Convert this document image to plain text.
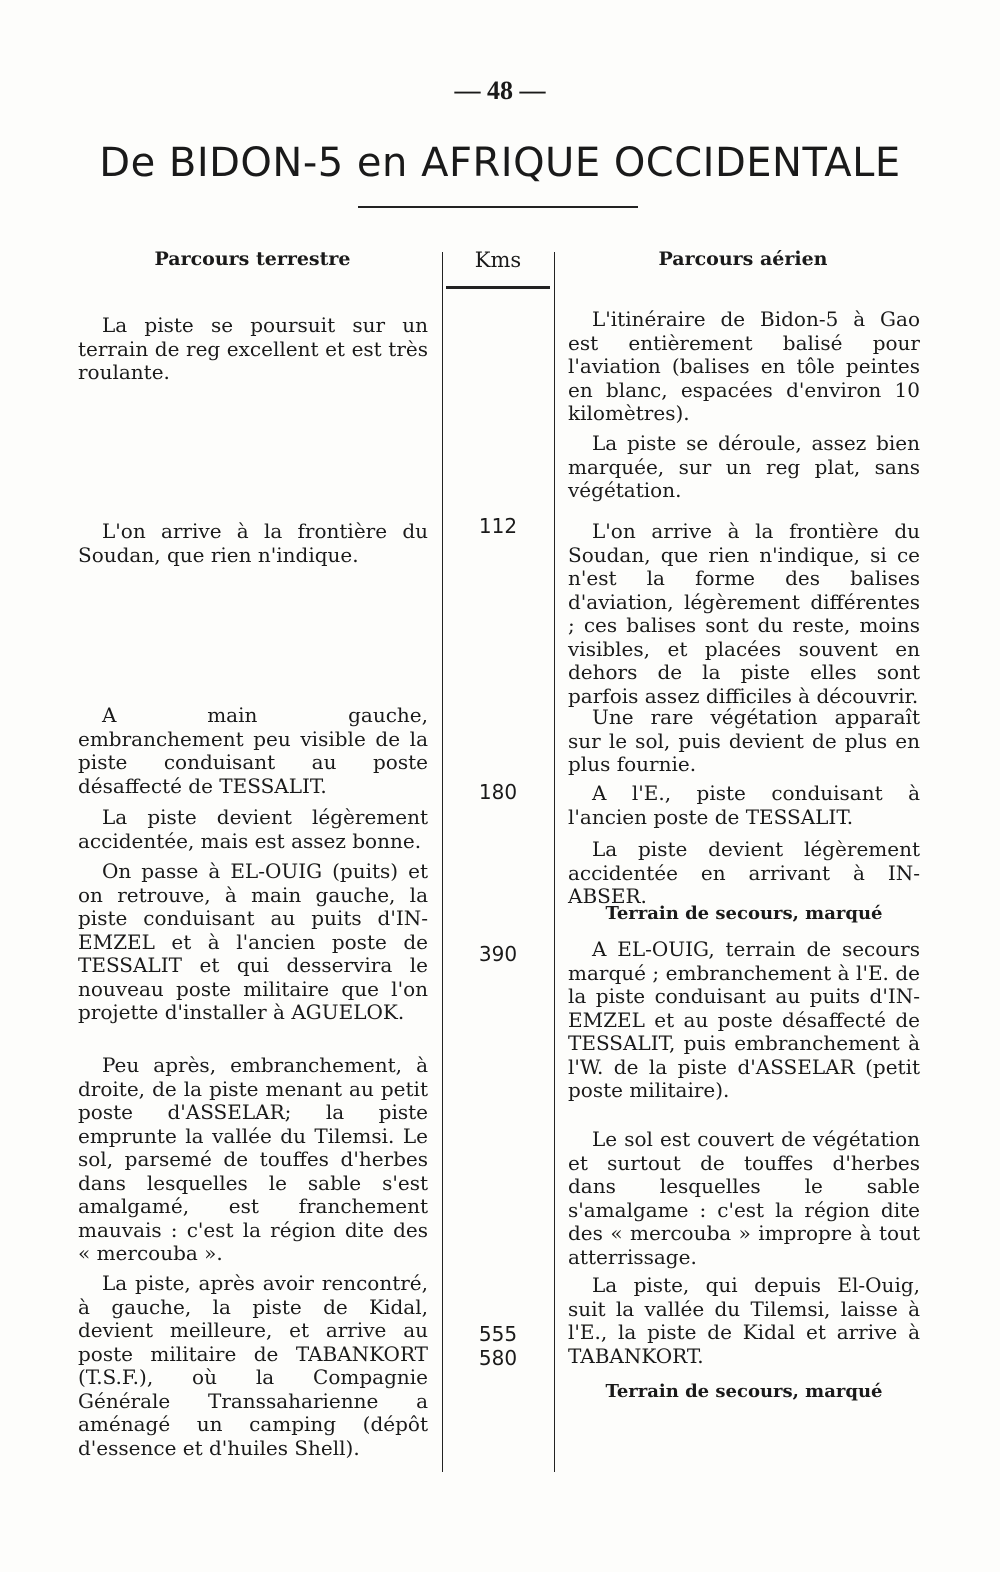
— 48 —
De BIDON-5 en AFRIQUE OCCIDENTALE
Parcours terrestre	Kms	Parcours aérien

La piste se poursuit sur un terrain de reg excellent et est très roulante.

L'on arrive à la frontière du Soudan, que rien n'indique.

A main gauche, embranchement peu visible de la piste conduisant au poste désaffecté de TESSALIT.

La piste devient légèrement accidentée, mais est assez bonne.

On passe à EL-OUIG (puits) et on retrouve, à main gauche, la piste conduisant au puits d'IN-EMZEL et à l'ancien poste de TESSALIT et qui desservira le nouveau poste militaire que l'on projette d'installer à AGUELOK.

Peu après, embranchement, à droite, de la piste menant au petit poste d'ASSELAR; la piste emprunte la vallée du Tilemsi. Le sol, parsemé de touffes d'herbes dans lesquelles le sable s'est amalgamé, est franchement mauvais : c'est la région dite des « mercouba ».

La piste, après avoir rencontré, à gauche, la piste de Kidal, devient meilleure, et arrive au poste militaire de TABANKORT (T.S.F.), où la Compagnie Générale Transsaharienne a aménagé un camping (dépôt d'essence et d'huiles Shell).

112
180
390
555
580

L'itinéraire de Bidon-5 à Gao est entièrement balisé pour l'aviation (balises en tôle peintes en blanc, espacées d'environ 10 kilomètres).

La piste se déroule, assez bien marquée, sur un reg plat, sans végétation.

L'on arrive à la frontière du Soudan, que rien n'indique, si ce n'est la forme des balises d'aviation, légèrement différentes ; ces balises sont du reste, moins visibles, et placées souvent en dehors de la piste elles sont parfois assez difficiles à découvrir.

Une rare végétation apparaît sur le sol, puis devient de plus en plus fournie.

A l'E., piste conduisant à l'ancien poste de TESSALIT.

La piste devient légèrement accidentée en arrivant à IN-ABSER.

Terrain de secours, marqué

A EL-OUIG, terrain de secours marqué ; embranchement à l'E. de la piste conduisant au puits d'IN-EMZEL et au poste désaffecté de TESSALIT, puis embranchement à l'W. de la piste d'ASSELAR (petit poste militaire).

Le sol est couvert de végétation et surtout de touffes d'herbes dans lesquelles le sable s'amalgame : c'est la région dite des « mercouba » impropre à tout atterrissage.

La piste, qui depuis El-Ouig, suit la vallée du Tilemsi, laisse à l'E., la piste de Kidal et arrive à TABANKORT.

Terrain de secours, marqué
